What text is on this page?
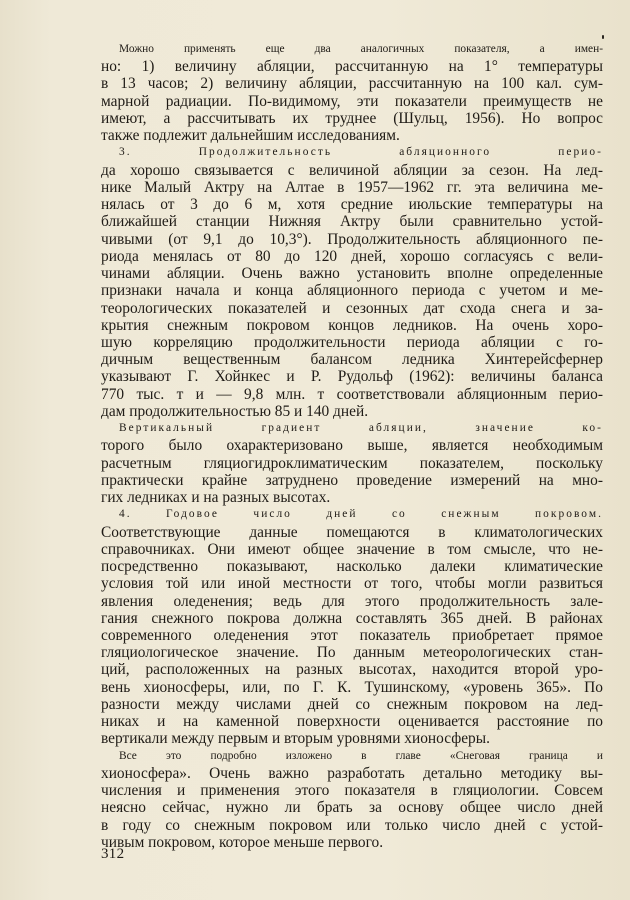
Можно применять еще два аналогичных показателя, а имен-
но: 1) величину абляции, рассчитанную на 1° температуры
в 13 часов; 2) величину абляции, рассчитанную на 100 кал. сум-
марной радиации. По-видимому, эти показатели преимуществ не
имеют, а рассчитывать их труднее (Шульц, 1956). Но вопрос
также подлежит дальнейшим исследованиям.
3. Продолжительность абляционного перио-
да хорошо связывается с величиной абляции за сезон. На лед-
нике Малый Актру на Алтае в 1957—1962 гг. эта величина ме-
нялась от 3 до 6 м, хотя средние июльские температуры на
ближайшей станции Нижняя Актру были сравнительно устой-
чивыми (от 9,1 до 10,3°). Продолжительность абляционного пе-
риода менялась от 80 до 120 дней, хорошо согласуясь с вели-
чинами абляции. Очень важно установить вполне определенные
признаки начала и конца абляционного периода с учетом и ме-
теорологических показателей и сезонных дат схода снега и за-
крытия снежным покровом концов ледников. На очень хоро-
шую корреляцию продолжительности периода абляции с го-
дичным вещественным балансом ледника Хинтерейсфернер
указывают Г. Хойнкес и Р. Рудольф (1962): величины баланса
770 тыс. т и — 9,8 млн. т соответствовали абляционным перио-
дам продолжительностью 85 и 140 дней.
Вертикальный градиент абляции, значение ко-
торого было охарактеризовано выше, является необходимым
расчетным гляциогидроклиматическим показателем, поскольку
практически крайне затруднено проведение измерений на мно-
гих ледниках и на разных высотах.
4. Годовое число дней со снежным покровом.
Соответствующие данные помещаются в климатологических
справочниках. Они имеют общее значение в том смысле, что не-
посредственно показывают, насколько далеки климатические
условия той или иной местности от того, чтобы могли развиться
явления оледенения; ведь для этого продолжительность зале-
гания снежного покрова должна составлять 365 дней. В районах
современного оледенения этот показатель приобретает прямое
гляциологическое значение. По данным метеорологических стан-
ций, расположенных на разных высотах, находится второй уро-
вень хионосферы, или, по Г. К. Тушинскому, «уровень 365». По
разности между числами дней со снежным покровом на лед-
никах и на каменной поверхности оценивается расстояние по
вертикали между первым и вторым уровнями хионосферы.
Все это подробно изложено в главе «Снеговая граница и
хионосфера». Очень важно разработать детально методику вы-
числения и применения этого показателя в гляциологии. Совсем
неясно сейчас, нужно ли брать за основу общее число дней
в году со снежным покровом или только число дней с устой-
чивым покровом, которое меньше первого.
312
